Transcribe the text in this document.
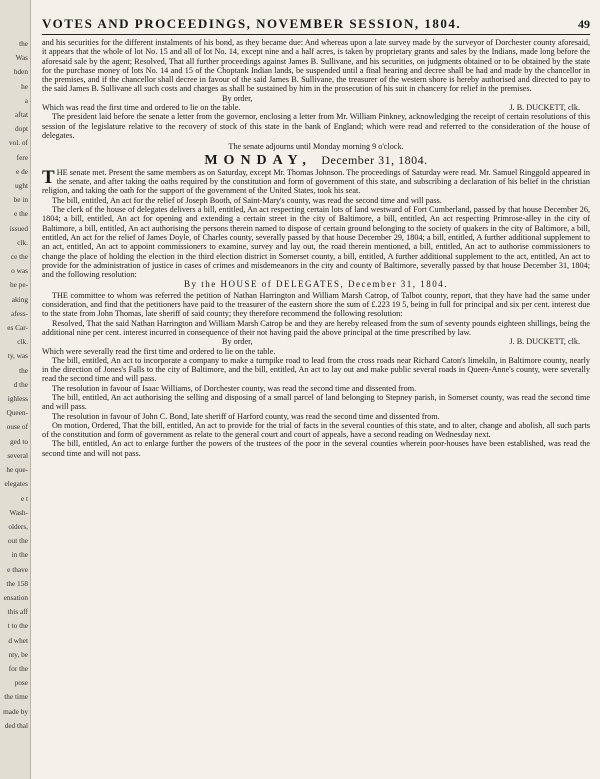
the
Was
hden
he
a
aftat
dopt
vol. of
fere
e de
ught
be in
e the
issued
clk.
ce the
o was
he pe-
aking
afess-
es Car-
clk.
ty, was
the
d the
ighless
Queen-
ouse of
ged to
several
he que-
elegates
e t
Wash-
olders,
out the
in the
e thave
the 158
ensation
this aff
t to the
d whet
nty, be
for the
pose
the time
made by
ded thal
VOTES AND PROCEEDINGS, NOVEMBER SESSION, 1804.	49

and his securities for the different instalments of his bond, as they became due: And whereas upon a late survey made by the surveyor of Dorchester county aforesaid, it appears that the whole of lot No. 15 and all of lot No. 14, except nine and a half acres, is taken by proprietary grants and sales by the Indians, made long before the aforesaid sale by the agent; Resolved, That all further proceedings against James B. Sullivane, and his securities, on judgments obtained or to be obtained by the state for the purchase money of lots No. 14 and 15 of the Choptank Indian lands, be suspended until a final hearing and decree shall be had and made by the chancellor in the premises, and if the chancellor shall decree in favour of the said James B. Sullivane, the treasurer of the western shore is hereby authorised and directed to pay to the said James B. Sullivane all such costs and charges as shall be sustained by him in the prosecution of his suit in chancery for relief in the premises.

By order,
Which was read the first time and ordered to lie on the table.	J. B. DUCKETT, clk.

The president laid before the senate a letter from the governor, enclosing a letter from Mr. William Pinkney, acknowledging the receipt of certain resolutions of this session of the legislature relative to the recovery of stock of this state in the bank of England; which were read and referred to the consideration of the house of delegates.

The senate adjourns until Monday morning 9 o'clock.
MONDAY, December 31, 1804.

THE senate met. Present the same members as on Saturday, except Mr. Thomas Johnson. The proceedings of Saturday were read. Mr. Samuel Ringgold appeared in the senate, and after taking the oaths required by the constitution and form of government of this state, and subscribing a declaration of his belief in the christian religion, and taking the oath for the support of the government of the United States, took his seat.

The bill, entitled, An act for the relief of Joseph Booth, of Saint-Mary's county, was read the second time and will pass.

The clerk of the house of delegates delivers a bill, entitled, An act respecting certain lots of land westward of Fort Cumberland, passed by that house December 26, 1804; a bill, entitled, An act for opening and extending a certain street in the city of Baltimore, a bill, entitled, An act respecting Primrose-alley in the city of Baltimore, a bill, entitled, An act authorising the persons therein named to dispose of certain ground belonging to the society of quakers in the city of Baltimore, a bill, entitled, An act for the relief of James Doyle, of Charles county, severally passed by that house December 29, 1804; a bill, entitled, A further additional supplement to an act, entitled, An act to appoint commissioners to examine, survey and lay out, the road therein mentioned, a bill, entitled, An act to authorise commissioners to change the place of holding the election in the third election district in Somerset county, a bill, entitled, A further additional supplement to the act, entitled, An act to provide for the administration of justice in cases of crimes and misdemeanors in the city and county of Baltimore, severally passed by that house December 31, 1804; and the following resolution:

By the HOUSE of DELEGATES, December 31, 1804.

THE committee to whom was referred the petition of Nathan Harrington and William Marsh Catrop, of Talbot county, report, that they have had the same under consideration, and find that the petitioners have paid to the treasurer of the eastern shore the sum of £.223 19 5, being in full for principal and six per cent. interest due to the state from John Thomas, late sheriff of said county; they therefore recommend the following resolution:

Resolved, That the said Nathan Harrington and William Marsh Catrop be and they are hereby released from the sum of seventy pounds eighteen shillings, being the additional nine per cent. interest incurred in consequence of their not having paid the above principal at the time prescribed by law.

By order,	J. B. DUCKETT, clk.

Which were severally read the first time and ordered to lie on the table.

The bill, entitled, An act to incorporate a company to make a turnpike road to lead from the cross roads near Richard Caton's limekiln, in Baltimore county, nearly in the direction of Jones's Falls to the city of Baltimore, and the bill, entitled, An act to lay out and make public several roads in Queen-Anne's county, were severally read the second time and will pass.

The resolution in favour of Isaac Williams, of Dorchester county, was read the second time and dissented from.

The bill, entitled, An act authorising the selling and disposing of a small parcel of land belonging to Stepney parish, in Somerset county, was read the second time and will pass.

The resolution in favour of John C. Bond, late sheriff of Harford county, was read the second time and dissented from.

On motion, Ordered, That the bill, entitled, An act to provide for the trial of facts in the several counties of this state, and to alter, change and abolish, all such parts of the constitution and form of government as relate to the general court and court of appeals, have a second reading on Wednesday next.

The bill, entitled, An act to enlarge further the powers of the trustees of the poor in the several counties wherein poor-houses have been established, was read the second time and will not pass.
